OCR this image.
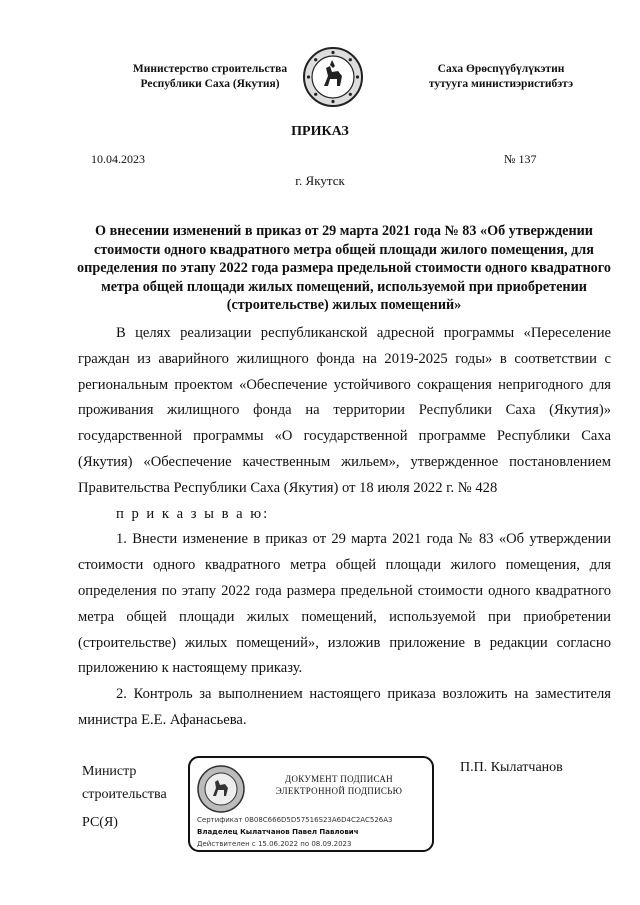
Министерство строительства
Республики Саха (Якутия)
Саха Өрөспүүбүлүкэтин
тутууга министиэристибэтэ
ПРИКАЗ
10.04.2023	№ 137
г. Якутск
О внесении изменений в приказ от 29 марта 2021 года № 83 «Об утверждении стоимости одного квадратного метра общей площади жилого помещения, для определения по этапу 2022 года размера предельной стоимости одного квадратного метра общей площади жилых помещений, используемой при приобретении (строительстве) жилых помещений»

В целях реализации республиканской адресной программы «Переселение граждан из аварийного жилищного фонда на 2019-2025 годы» в соответствии с региональным проектом «Обеспечение устойчивого сокращения непригодного для проживания жилищного фонда на территории Республики Саха (Якутия)» государственной программы «О государственной программе Республики Саха (Якутия) «Обеспечение качественным жильем», утвержденное постановлением Правительства Республики Саха (Якутия) от 18 июля 2022 г. № 428

п р и к а з ы в а ю:

1. Внести изменение в приказ от 29 марта 2021 года № 83 «Об утверждении стоимости одного квадратного метра общей площади жилого помещения, для определения по этапу 2022 года размера предельной стоимости одного квадратного метра общей площади жилых помещений, используемой при приобретении (строительстве) жилых помещений», изложив приложение в редакции согласно приложению к настоящему приказу.

2. Контроль за выполнением настоящего приказа возложить на заместителя министра Е.Е. Афанасьева.

Министр
строительства
РС(Я)
ДОКУМЕНТ ПОДПИСАН
ЭЛЕКТРОННОЙ ПОДПИСЬЮ
Сертификат 0B08C666D5D57516S23A6D4C2AC526A3
Владелец Кылатчанов Павел Павлович
Действителен с 15.06.2022 по 08.09.2023
П.П. Кылатчанов
